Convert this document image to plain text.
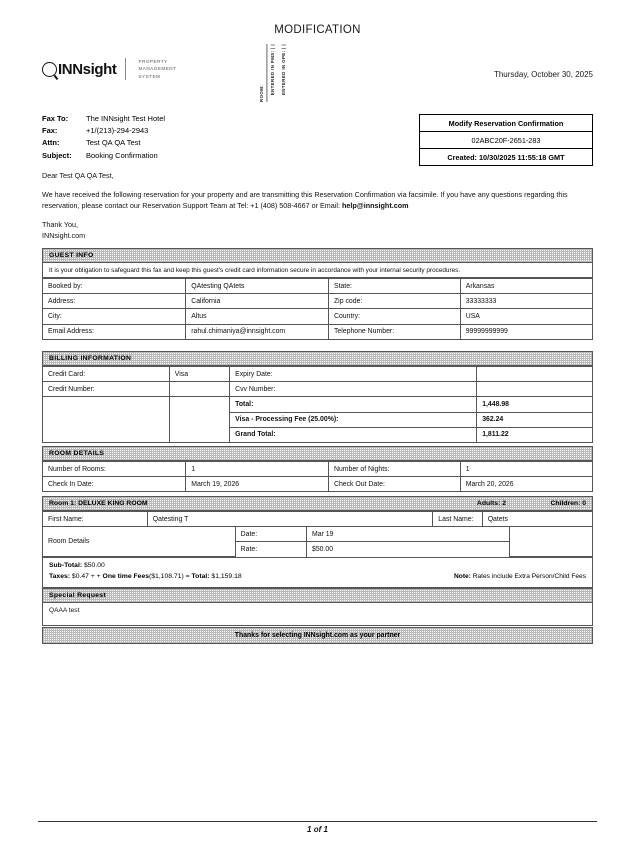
MODIFICATION
INNsight	PROPERTY
MANAGEMENT
SYSTEM
ROOM:	ENTERED IN PMS: | |	ENTERED IN OPE: | |	Thursday, October 30, 2025
Fax To:	The INNsight Test Hotel
Fax:	+1/(213)-294-2943
Attn:	Test QA QA Test
Subject:	Booking Confirmation
Modify Reservation Confirmation
02ABC20F-2651-283
Created: 10/30/2025 11:55:18 GMT

Dear Test QA QA Test,

We have received the following reservation for your property and are transmitting this Reservation Confirmation via facsimile. If you have any questions regarding this reservation, please contact our Reservation Support Team at Tel: +1 (408) 508-4667 or Email: help@innsight.com

Thank You,

INNsight.com

GUEST INFO
It is your obligation to safeguard this fax and keep this guest's credit card information secure in accordance with your internal security procedures.
Booked by:	QAtesting QAtets	State:	Arkansas
Address:	California	Zip code:	33333333
City:	Altus	Country:	USA
Email Address:	rahul.chimaniya@innsight.com	Telephone Number:	99999999999
BILLING INFORMATION
Credit Card:	Visa	Expiry Date:	
Credit Number:		Cvv Number:	
		Total:	1,448.98
		Visa - Processing Fee (25.00%):	362.24
		Grand Total:	1,811.22
ROOM DETAILS
Number of Rooms:	1	Number of Nights:	1
Check In Date:	March 19, 2026	Check Out Date:	March 20, 2026
Room 1: DELUXE KING ROOM	Adults: 2	Children: 0
First Name:	Qatesting T	Last Name:	Qatets
Room Details	Date:	Mar 19	
	Rate:	$50.00	
Sub-Total: $50.00
Taxes: $0.47 + + One time Fees($1,108.71) = Total: $1,159.18	Note: Rates include Extra Person/Child Fees
Special Request
QAAA test
Thanks for selecting INNsight.com as your partner
1 of 1
